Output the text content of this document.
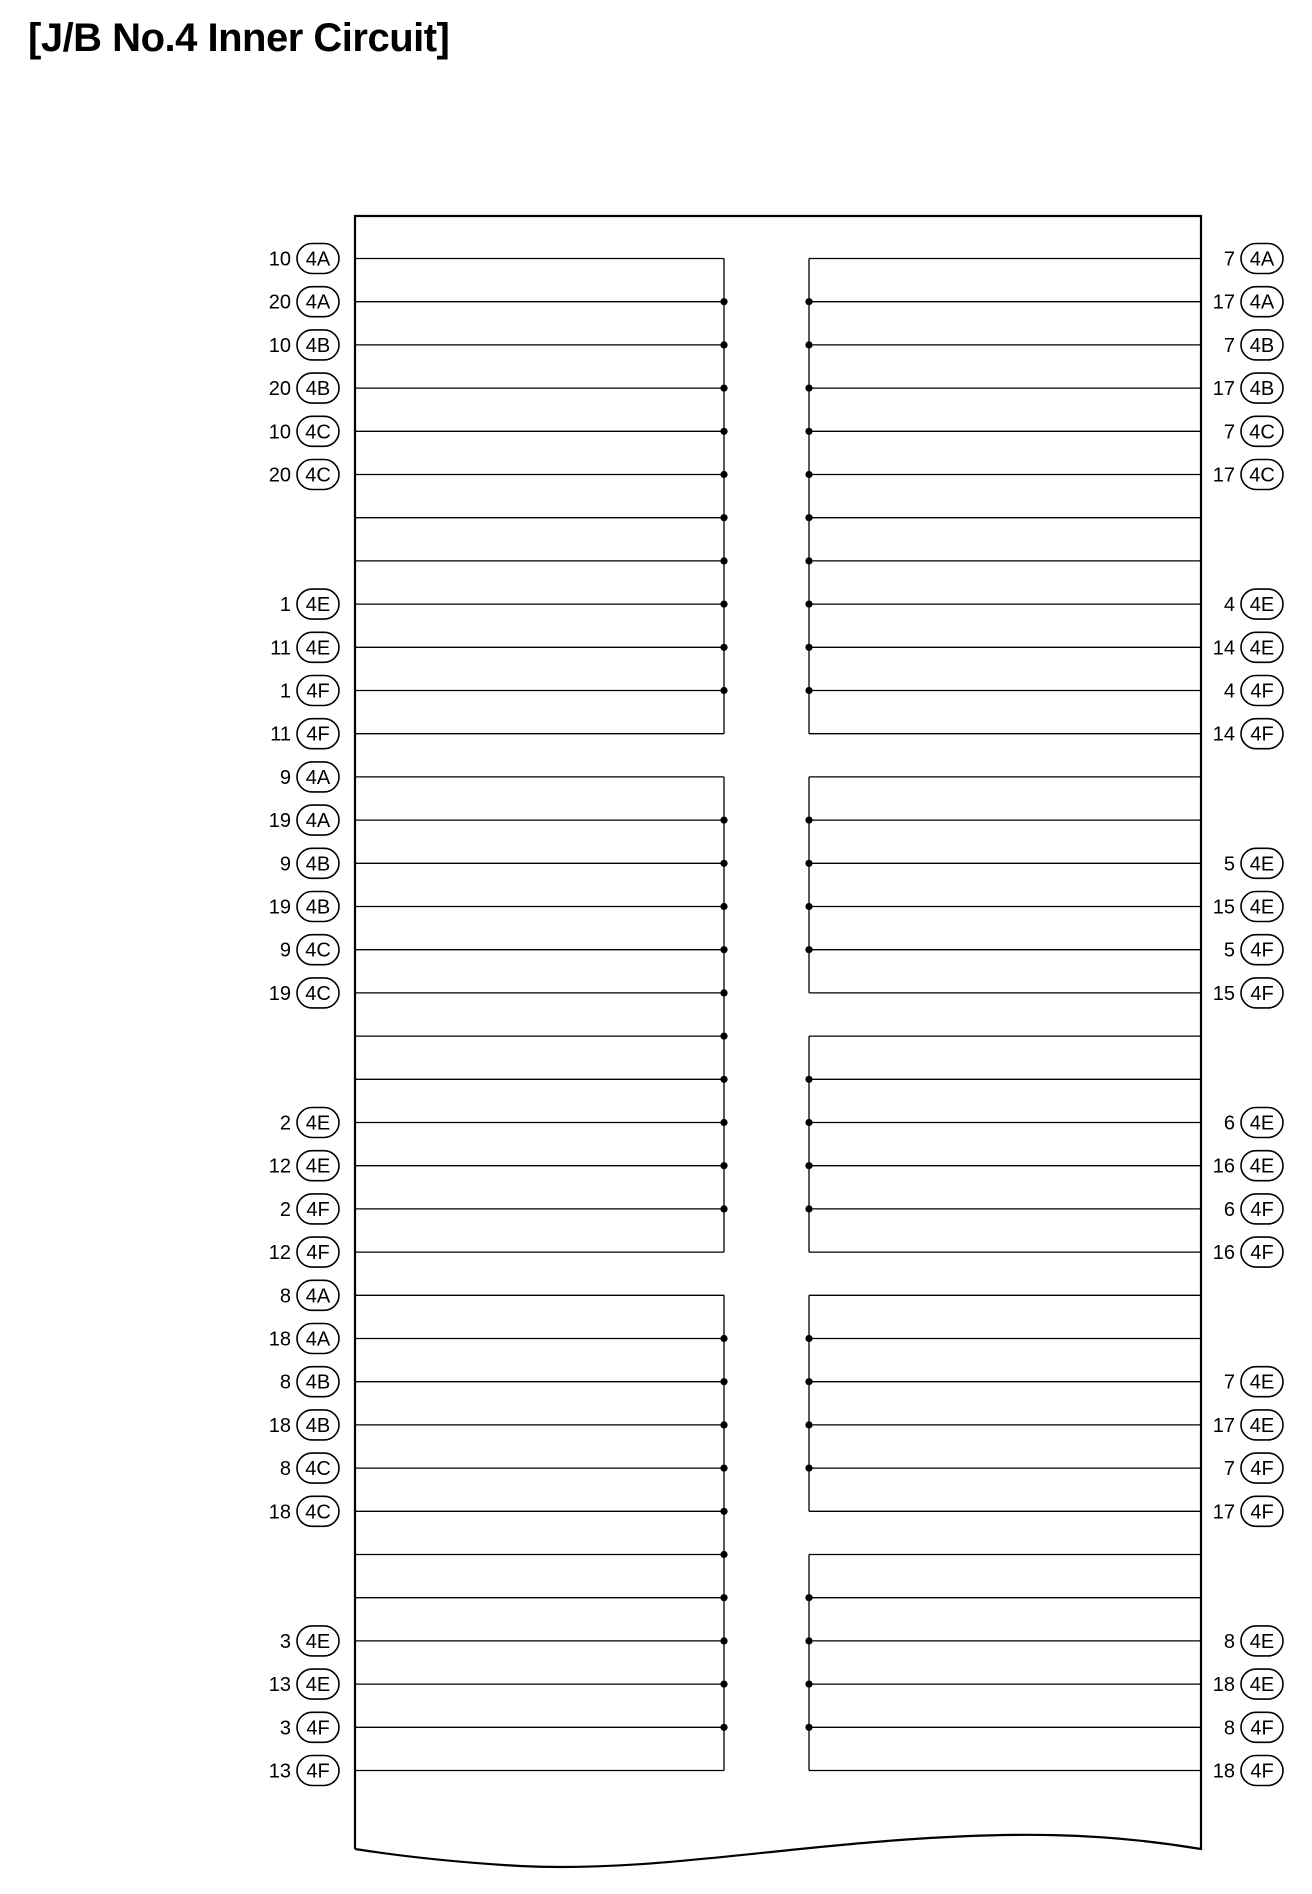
[J/B No.4 Inner Circuit]
10 4A
20 4A
10 4B
20 4B
10 4C
20 4C
1 4E
11 4E
1 4F
11 4F
9 4A
19 4A
9 4B
19 4B
9 4C
19 4C
2 4E
12 4E
2 4F
12 4F
8 4A
18 4A
8 4B
18 4B
8 4C
18 4C
3 4E
13 4E
3 4F
13 4F
7 4A
17 4A
7 4B
17 4B
7 4C
17 4C
4 4E
14 4E
4 4F
14 4F
5 4E
15 4E
5 4F
15 4F
6 4E
16 4E
6 4F
16 4F
7 4E
17 4E
7 4F
17 4F
8 4E
18 4E
8 4F
18 4F
